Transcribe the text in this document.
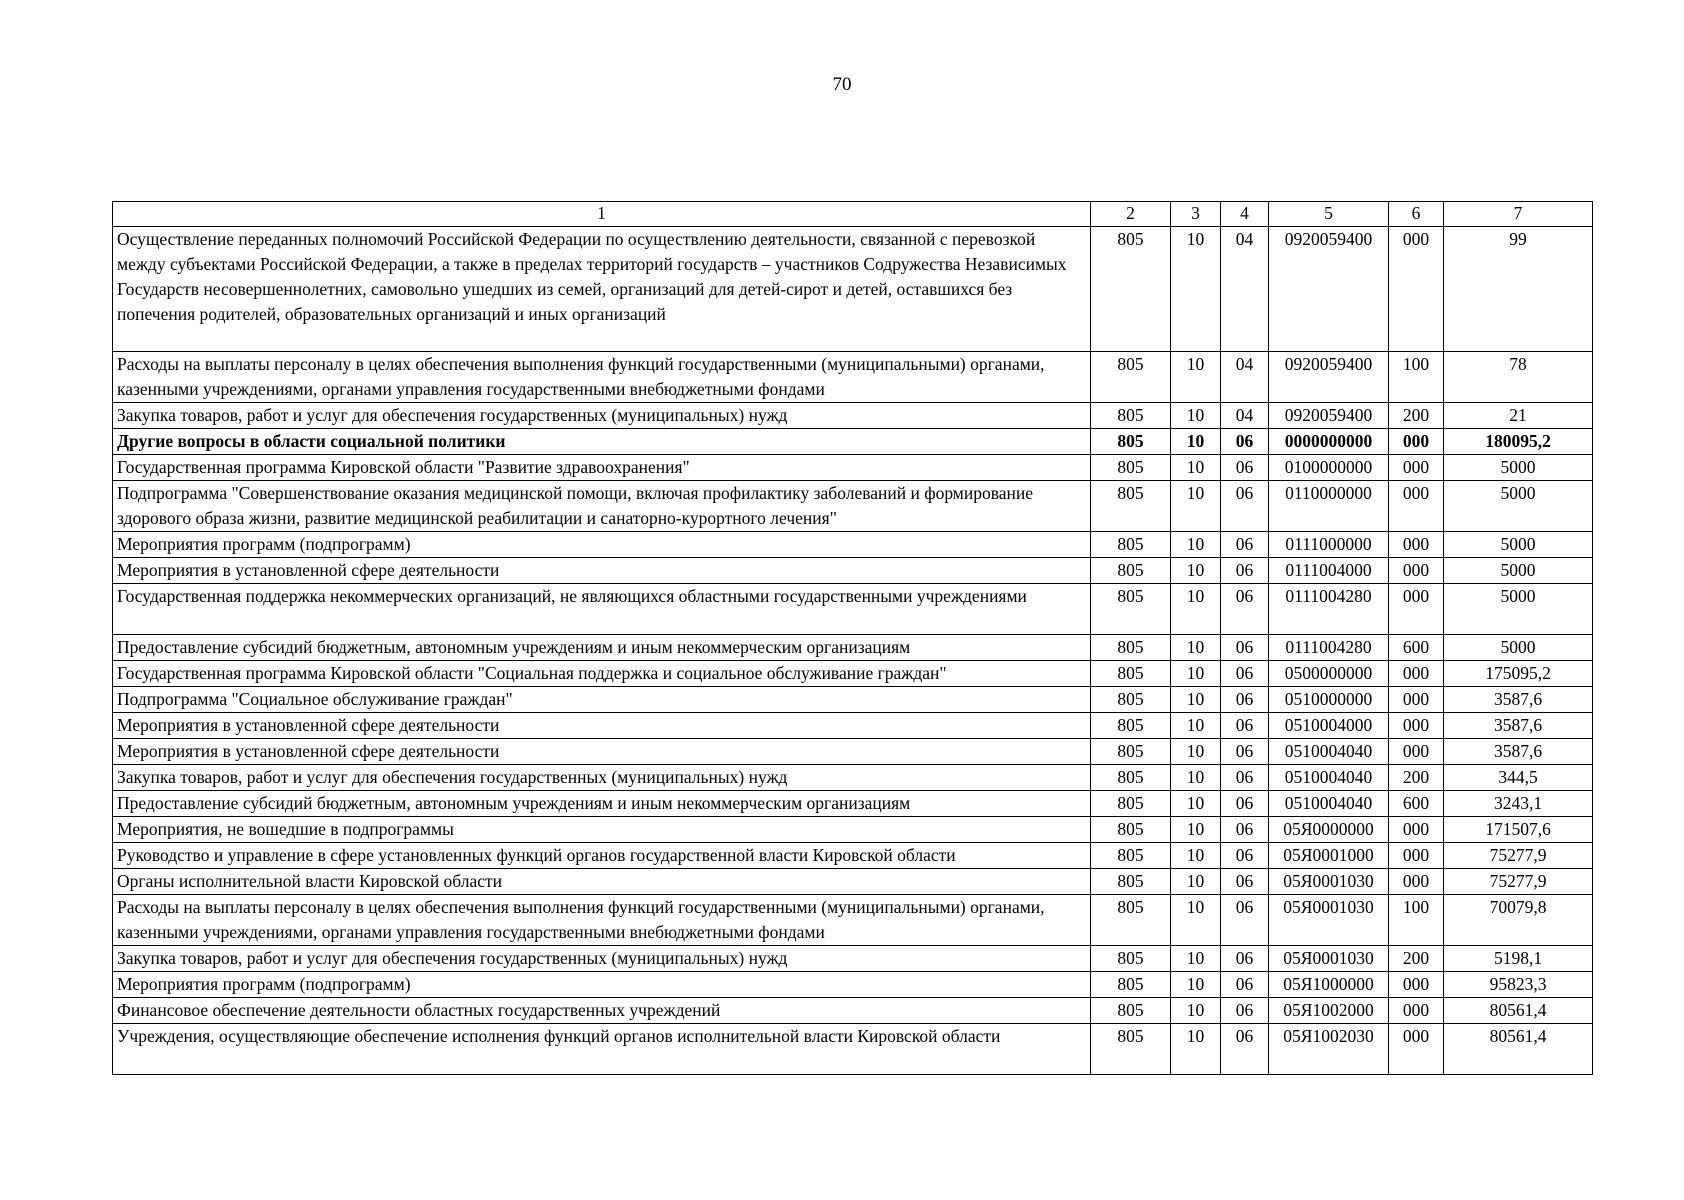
70
1	2	3	4	5	6	7
Осуществление переданных полномочий Российской Федерации по осуществлению деятельности, связанной с перевозкой между субъектами Российской Федерации, а также в пределах территорий государств – участников Содружества Независимых Государств несовершеннолетних, самовольно ушедших из семей, организаций для детей-сирот и детей, оставшихся без попечения родителей, образовательных организаций и иных организаций	805	10	04	0920059400	000	99
Расходы на выплаты персоналу в целях обеспечения выполнения функций государственными (муниципальными) органами, казенными учреждениями, органами управления государственными внебюджетными фондами	805	10	04	0920059400	100	78
Закупка товаров, работ и услуг для обеспечения государственных (муниципальных) нужд	805	10	04	0920059400	200	21
Другие вопросы в области социальной политики	805	10	06	0000000000	000	180095,2
Государственная программа Кировской области "Развитие здравоохранения"	805	10	06	0100000000	000	5000
Подпрограмма "Совершенствование оказания медицинской помощи, включая профилактику заболеваний и формирование здорового образа жизни, развитие медицинской реабилитации и санаторно-курортного лечения"	805	10	06	0110000000	000	5000
Мероприятия программ (подпрограмм)	805	10	06	0111000000	000	5000
Мероприятия в установленной сфере деятельности	805	10	06	0111004000	000	5000
Государственная поддержка некоммерческих организаций, не являющихся областными государственными учреждениями	805	10	06	0111004280	000	5000
Предоставление субсидий бюджетным, автономным учреждениям и иным некоммерческим организациям	805	10	06	0111004280	600	5000
Государственная программа Кировской области "Социальная поддержка и социальное обслуживание граждан"	805	10	06	0500000000	000	175095,2
Подпрограмма "Социальное обслуживание граждан"	805	10	06	0510000000	000	3587,6
Мероприятия в установленной сфере деятельности	805	10	06	0510004000	000	3587,6
Мероприятия в установленной сфере деятельности	805	10	06	0510004040	000	3587,6
Закупка товаров, работ и услуг для обеспечения государственных (муниципальных) нужд	805	10	06	0510004040	200	344,5
Предоставление субсидий бюджетным, автономным учреждениям и иным некоммерческим организациям	805	10	06	0510004040	600	3243,1
Мероприятия, не вошедшие в подпрограммы	805	10	06	05Я0000000	000	171507,6
Руководство и управление в сфере установленных функций органов государственной власти Кировской области	805	10	06	05Я0001000	000	75277,9
Органы исполнительной власти Кировской области	805	10	06	05Я0001030	000	75277,9
Расходы на выплаты персоналу в целях обеспечения выполнения функций государственными (муниципальными) органами, казенными учреждениями, органами управления государственными внебюджетными фондами	805	10	06	05Я0001030	100	70079,8
Закупка товаров, работ и услуг для обеспечения государственных (муниципальных) нужд	805	10	06	05Я0001030	200	5198,1
Мероприятия программ (подпрограмм)	805	10	06	05Я1000000	000	95823,3
Финансовое обеспечение деятельности областных государственных учреждений	805	10	06	05Я1002000	000	80561,4
Учреждения, осуществляющие обеспечение исполнения функций органов исполнительной власти Кировской области	805	10	06	05Я1002030	000	80561,4
